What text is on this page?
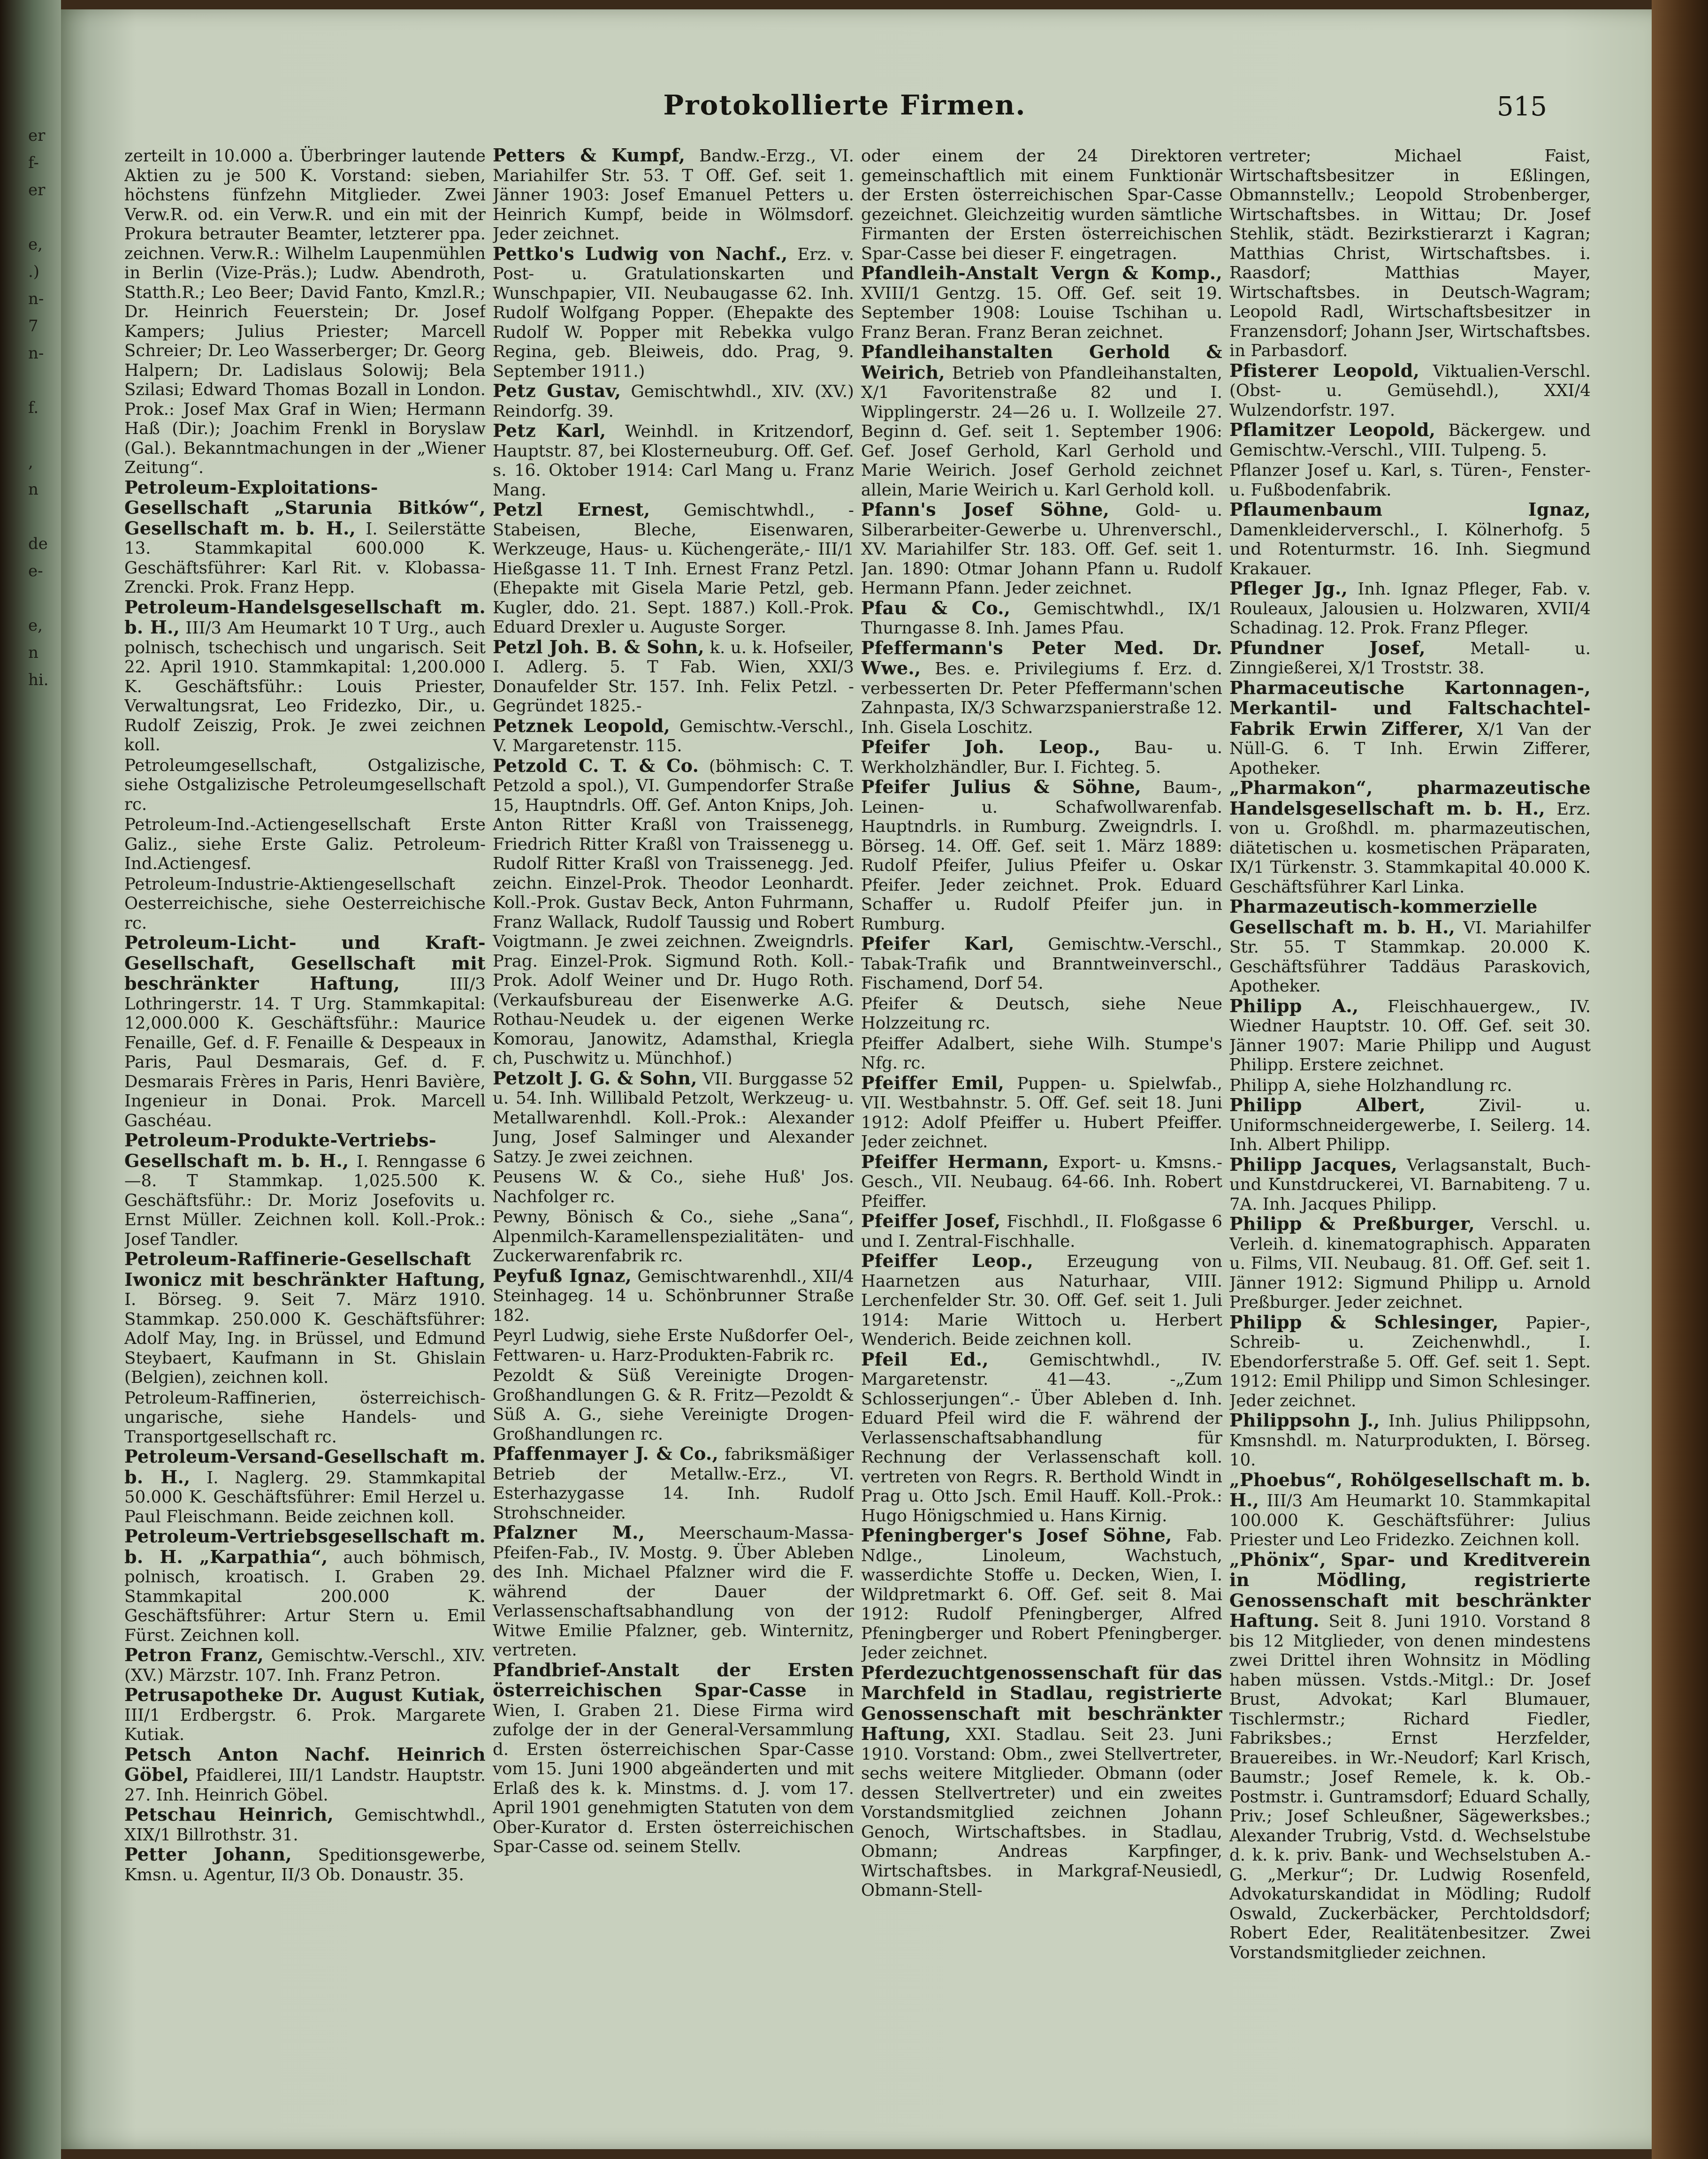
er
f-
er

e,
.)
n-
7
n-

f.

,
n

de
e-

e,
n
hi.
Protokollierte Firmen.	515

zerteilt in 10.000 a. Überbringer lautende Aktien zu je 500 K. Vorstand: sieben, höchstens fünfzehn Mitglieder. Zwei Verw.R. od. ein Verw.R. und ein mit der Prokura betrauter Beamter, letzterer ppa. zeichnen. Verw.R.: Wilhelm Laupenmühlen in Berlin (Vize-Präs.); Ludw. Abendroth, Statth.R.; Leo Beer; David Fanto, Kmzl.R.; Dr. Heinrich Feuerstein; Dr. Josef Kampers; Julius Priester; Marcell Schreier; Dr. Leo Wasserberger; Dr. Georg Halpern; Dr. Ladislaus Solowij; Bela Szilasi; Edward Thomas Bozall in London. Prok.: Josef Max Graf in Wien; Hermann Haß (Dir.); Joachim Frenkl in Boryslaw (Gal.). Bekanntmachungen in der „Wiener Zeitung“.

Petroleum-Exploitations-Gesellschaft „Starunia Bitków“, Gesellschaft m. b. H., I. Seilerstätte 13. Stammkapital 600.000 K. Geschäftsführer: Karl Rit. v. Klobassa-Zrencki. Prok. Franz Hepp.

Petroleum-Handelsgesellschaft m. b. H., III/3 Am Heumarkt 10 T Urg., auch polnisch, tschechisch und ungarisch. Seit 22. April 1910. Stammkapital: 1,200.000 K. Geschäftsführ.: Louis Priester, Verwaltungsrat, Leo Fridezko, Dir., u. Rudolf Zeiszig, Prok. Je zwei zeichnen koll.

Petroleumgesellschaft, Ostgalizische, siehe Ostgalizische Petroleumgesellschaft rc.

Petroleum-Ind.-Actiengesellschaft Erste Galiz., siehe Erste Galiz. Petroleum-Ind.Actiengesf.

Petroleum-Industrie-Aktiengesellschaft Oesterreichische, siehe Oesterreichische rc.

Petroleum-Licht- und Kraft-Gesellschaft, Gesellschaft mit beschränkter Haftung,	III/3 Lothringerstr. 14. T Urg. Stammkapital: 12,000.000 K. Geschäftsführ.: Maurice Fenaille, Gef. d. F. Fenaille & Despeaux in Paris, Paul Desmarais, Gef. d. F. Desmarais Frères in Paris, Henri Bavière, Ingenieur in Donai. Prok. Marcell Gaschéau.

Petroleum-Produkte-Vertriebs-Gesellschaft m. b. H., I. Renngasse 6—8. T Stammkap. 1,025.500 K. Geschäftsführ.: Dr. Moriz Josefovits u. Ernst Müller. Zeichnen koll. Koll.-Prok.: Josef Tandler.

Petroleum-Raffinerie-Gesellschaft Iwonicz mit beschränkter Haftung, I. Börseg. 9. Seit 7. März 1910. Stammkap. 250.000 K. Geschäftsführer: Adolf May, Ing. in Brüssel, und Edmund Steybaert, Kaufmann in St. Ghislain (Belgien), zeichnen koll.

Petroleum-Raffinerien, österreichisch-ungarische, siehe Handels- und Transportgesellschaft rc.

Petroleum-Versand-Gesellschaft m. b. H., I. Naglerg. 29. Stammkapital 50.000 K. Geschäftsführer: Emil Herzel u. Paul Fleischmann. Beide zeichnen koll.

Petroleum-Vertriebsgesellschaft m. b. H. „Karpathia“, auch böhmisch, polnisch, kroatisch. I. Graben 29. Stammkapital 200.000 K. Geschäftsführer: Artur Stern u. Emil Fürst. Zeichnen koll.

Petron Franz, Gemischtw.-Verschl., XIV. (XV.) Märzstr. 107. Inh. Franz Petron.

Petrusapotheke Dr. August Kutiak, III/1 Erdbergstr. 6. Prok. Margarete Kutiak.

Petsch Anton Nachf. Heinrich Göbel, Pfaidlerei, III/1 Landstr. Hauptstr. 27. Inh. Heinrich Göbel.

Petschau Heinrich, Gemischtwhdl., XIX/1 Billrothstr. 31.

Petter Johann, Speditionsgewerbe, Kmsn. u. Agentur, II/3 Ob. Donaustr. 35.

Petters & Kumpf, Bandw.-Erzg., VI. Mariahilfer Str. 53. T Off. Gef. seit 1. Jänner 1903: Josef Emanuel Petters u. Heinrich Kumpf, beide in Wölmsdorf. Jeder zeichnet.

Pettko's Ludwig von Nachf., Erz. v. Post- u. Gratulationskarten und Wunschpapier, VII. Neubaugasse 62. Inh. Rudolf Wolfgang Popper. (Ehepakte des Rudolf W. Popper mit Rebekka vulgo Regina, geb. Bleiweis, ddo. Prag, 9. September 1911.)

Petz Gustav, Gemischtwhdl., XIV. (XV.) Reindorfg. 39.

Petz Karl, Weinhdl. in Kritzendorf, Hauptstr. 87, bei Klosterneuburg. Off. Gef. s. 16. Oktober 1914: Carl Mang u. Franz Mang.

Petzl Ernest, Gemischtwhdl., -Stabeisen, Bleche, Eisenwaren, Werkzeuge, Haus- u. Küchengeräte,- III/1 Hießgasse 11. T Inh. Ernest Franz Petzl. (Ehepakte mit Gisela Marie Petzl, geb. Kugler, ddo. 21. Sept. 1887.) Koll.-Prok. Eduard Drexler u. Auguste Sorger.

Petzl Joh. B. & Sohn, k. u. k. Hofseiler, I. Adlerg. 5. T Fab. Wien, XXI/3 Donaufelder Str. 157. Inh. Felix Petzl. -Gegründet 1825.-

Petznek Leopold, Gemischtw.-Verschl., V. Margaretenstr. 115.

Petzold C. T. & Co. (böhmisch: C. T. Petzold a spol.), VI. Gumpendorfer Straße 15, Hauptndrls. Off. Gef. Anton Knips, Joh. Anton Ritter Kraßl von Traissenegg, Friedrich Ritter Kraßl von Traissenegg u. Rudolf Ritter Kraßl von Traissenegg. Jed. zeichn. Einzel-Prok. Theodor Leonhardt. Koll.-Prok. Gustav Beck, Anton Fuhrmann, Franz Wallack, Rudolf Taussig und Robert Voigtmann. Je zwei zeichnen. Zweigndrls. Prag. Einzel-Prok. Sigmund Roth. Koll.-Prok. Adolf Weiner und Dr. Hugo Roth. (Verkaufsbureau der Eisenwerke A.G. Rothau-Neudek u. der eigenen Werke Komorau, Janowitz, Adamsthal, Kriegla ch, Puschwitz u. Münchhof.)

Petzolt J. G. & Sohn, VII. Burggasse 52 u. 54. Inh. Willibald Petzolt, Werkzeug- u. Metallwarenhdl. Koll.-Prok.: Alexander Jung, Josef Salminger und Alexander Satzy. Je zwei zeichnen.

Peusens W. & Co., siehe Huß' Jos. Nachfolger rc.

Pewny, Bönisch & Co., siehe „Sana“, Alpenmilch-Karamellenspezialitäten- und Zuckerwarenfabrik rc.

Peyfuß Ignaz, Gemischtwarenhdl., XII/4 Steinhageg. 14 u. Schönbrunner Straße 182.

Peyrl Ludwig, siehe Erste Nußdorfer Oel-, Fettwaren- u. Harz-Produkten-Fabrik rc.

Pezoldt & Süß Vereinigte Drogen-Großhandlungen G. & R. Fritz—Pezoldt & Süß A. G., siehe Vereinigte Drogen-Großhandlungen rc.

Pfaffenmayer J. & Co., fabriksmäßiger Betrieb der Metallw.-Erz., VI. Esterhazygasse 14. Inh. Rudolf Strohschneider.

Pfalzner M., Meerschaum-Massa-Pfeifen-Fab., IV. Mostg. 9. Über Ableben des Inh. Michael Pfalzner wird die F. während der Dauer der Verlassenschaftsabhandlung von der Witwe Emilie Pfalzner, geb. Winternitz, vertreten.

Pfandbrief-Anstalt der Ersten österreichischen Spar-Casse in Wien, I. Graben 21. Diese Firma wird zufolge der in der General-Versammlung d. Ersten österreichischen Spar-Casse vom 15. Juni 1900 abgeänderten und mit Erlaß des k. k. Minstms. d. J. vom 17. April 1901 genehmigten Statuten von dem Ober-Kurator d. Ersten österreichischen Spar-Casse od. seinem Stellv.

oder einem der 24 Direktoren gemeinschaftlich mit einem Funktionär der Ersten österreichischen Spar-Casse gezeichnet. Gleichzeitig wurden sämtliche Firmanten der Ersten österreichischen Spar-Casse bei dieser F. eingetragen.

Pfandleih-Anstalt Vergn & Komp., XVIII/1 Gentzg. 15. Off. Gef. seit 19. September 1908: Louise Tschihan u. Franz Beran. Franz Beran zeichnet.

Pfandleihanstalten Gerhold & Weirich, Betrieb von Pfandleihanstalten, X/1 Favoritenstraße 82 und I. Wipplingerstr. 24—26 u. I. Wollzeile 27. Beginn d. Gef. seit 1. September 1906: Gef. Josef Gerhold, Karl Gerhold und Marie Weirich. Josef Gerhold zeichnet allein, Marie Weirich u. Karl Gerhold koll.

Pfann's Josef Söhne, Gold- u. Silberarbeiter-Gewerbe u. Uhrenverschl., XV. Mariahilfer Str. 183. Off. Gef. seit 1. Jan. 1890: Otmar Johann Pfann u. Rudolf Hermann Pfann. Jeder zeichnet.

Pfau & Co., Gemischtwhdl., IX/1 Thurngasse 8. Inh. James Pfau.

Pfeffermann's Peter Med. Dr. Wwe., Bes. e. Privilegiums f. Erz. d. verbesserten Dr. Peter Pfeffermann'schen Zahnpasta, IX/3 Schwarzspanierstraße 12. Inh. Gisela Loschitz.

Pfeifer Joh. Leop., Bau- u. Werkholzhändler, Bur. I. Fichteg. 5.

Pfeifer Julius & Söhne, Baum-, Leinen- u. Schafwollwarenfab. Hauptndrls. in Rumburg. Zweigndrls. I. Börseg. 14. Off. Gef. seit 1. März 1889: Rudolf Pfeifer, Julius Pfeifer u. Oskar Pfeifer. Jeder zeichnet. Prok. Eduard Schaffer u. Rudolf Pfeifer jun. in Rumburg.

Pfeifer Karl, Gemischtw.-Verschl., Tabak-Trafik und Branntweinverschl., Fischamend, Dorf 54.

Pfeifer & Deutsch, siehe Neue Holzzeitung rc.

Pfeiffer Adalbert, siehe Wilh. Stumpe's Nfg. rc.

Pfeiffer Emil, Puppen- u. Spielwfab., VII. Westbahnstr. 5. Off. Gef. seit 18. Juni 1912: Adolf Pfeiffer u. Hubert Pfeiffer. Jeder zeichnet.

Pfeiffer Hermann, Export- u. Kmsns.-Gesch., VII. Neubaug. 64-66. Inh. Robert Pfeiffer.

Pfeiffer Josef, Fischhdl., II. Floßgasse 6 und I. Zentral-Fischhalle.

Pfeiffer Leop., Erzeugung von Haarnetzen aus Naturhaar, VIII. Lerchenfelder Str. 30. Off. Gef. seit 1. Juli 1914: Marie Wittoch u. Herbert Wenderich. Beide zeichnen koll.

Pfeil Ed., Gemischtwhdl., IV. Margaretenstr. 41—43. -„Zum Schlosserjungen“.- Über Ableben d. Inh. Eduard Pfeil wird die F. während der Verlassenschaftsabhandlung für Rechnung der Verlassenschaft koll. vertreten von Regrs. R. Berthold Windt in Prag u. Otto Jsch. Emil Hauff. Koll.-Prok.: Hugo Hönigschmied u. Hans Kirnig.

Pfeningberger's Josef Söhne, Fab. Ndlge., Linoleum, Wachstuch, wasserdichte Stoffe u. Decken, Wien, I. Wildpretmarkt 6. Off. Gef. seit 8. Mai 1912: Rudolf Pfeningberger, Alfred Pfeningberger und Robert Pfeningberger. Jeder zeichnet.

Pferdezuchtgenossenschaft für das Marchfeld in Stadlau, registrierte Genossenschaft mit beschränkter Haftung, XXI. Stadlau. Seit 23. Juni 1910. Vorstand: Obm., zwei Stellvertreter, sechs weitere Mitglieder. Obmann (oder dessen Stellvertreter) und ein zweites Vorstandsmitglied zeichnen Johann Genoch, Wirtschaftsbes. in Stadlau, Obmann; Andreas Karpfinger, Wirtschaftsbes. in Markgraf-Neusiedl, Obmann-Stell-

vertreter; Michael Faist, Wirtschaftsbesitzer in Eßlingen, Obmannstellv.; Leopold Strobenberger, Wirtschaftsbes. in Wittau; Dr. Josef Stehlik, städt. Bezirkstierarzt i Kagran; Matthias Christ, Wirtschaftsbes. i. Raasdorf; Matthias Mayer, Wirtschaftsbes. in Deutsch-Wagram; Leopold Radl, Wirtschaftsbesitzer in Franzensdorf; Johann Jser, Wirtschaftsbes. in Parbasdorf.

Pfisterer Leopold, Viktualien-Verschl. (Obst- u. Gemüsehdl.), XXI/4 Wulzendorfstr. 197.

Pflamitzer Leopold, Bäckergew. und Gemischtw.-Verschl., VIII. Tulpeng. 5.

Pflanzer Josef u. Karl, s. Türen-, Fenster- u. Fußbodenfabrik.

Pflaumenbaum Ignaz, Damenkleiderverschl., I. Kölnerhofg. 5 und Rotenturmstr. 16. Inh. Siegmund Krakauer.

Pfleger Jg., Inh. Ignaz Pfleger, Fab. v. Rouleaux, Jalousien u. Holzwaren, XVII/4 Schadinag. 12. Prok. Franz Pfleger.

Pfundner Josef,	Metall- u. Zinngießerei, X/1 Troststr. 38.

Pharmaceutische Kartonnagen-, Merkantil- und Faltschachtel-Fabrik Erwin Zifferer, X/1 Van der Nüll-G. 6. T Inh. Erwin Zifferer, Apotheker.

„Pharmakon“, pharmazeutische Handelsgesellschaft m. b. H., Erz. von u. Großhdl. m. pharmazeutischen, diätetischen u. kosmetischen Präparaten, IX/1 Türkenstr. 3. Stammkapital 40.000 K. Geschäftsführer Karl Linka.

Pharmazeutisch-kommerzielle Gesellschaft m. b. H., VI. Mariahilfer Str. 55. T Stammkap. 20.000 K. Geschäftsführer Taddäus Paraskovich, Apotheker.

Philipp A., Fleischhauergew., IV. Wiedner Hauptstr. 10. Off. Gef. seit 30. Jänner 1907: Marie Philipp und August Philipp. Erstere zeichnet.

Philipp A, siehe Holzhandlung rc.

Philipp Albert,	Zivil- u. Uniformschneidergewerbe, I. Seilerg. 14. Inh. Albert Philipp.

Philipp Jacques, Verlagsanstalt, Buch- und Kunstdruckerei, VI. Barnabiteng. 7 u. 7A. Inh. Jacques Philipp.

Philipp & Preßburger, Verschl. u. Verleih. d. kinematographisch. Apparaten u. Films, VII. Neubaug. 81. Off. Gef. seit 1. Jänner 1912: Sigmund Philipp u. Arnold Preßburger. Jeder zeichnet.

Philipp & Schlesinger, Papier-, Schreib- u. Zeichenwhdl., I. Ebendorferstraße 5. Off. Gef. seit 1. Sept. 1912: Emil Philipp und Simon Schlesinger. Jeder zeichnet.

Philippsohn J., Inh. Julius Philippsohn, Kmsnshdl. m. Naturprodukten, I. Börseg. 10.

„Phoebus“, Rohölgesellschaft m. b. H., III/3 Am Heumarkt 10. Stammkapital 100.000 K. Geschäftsführer: Julius Priester und Leo Fridezko. Zeichnen koll.

„Phönix“, Spar- und Kreditverein in Mödling, registrierte Genossenschaft mit beschränkter Haftung. Seit 8. Juni 1910. Vorstand 8 bis 12 Mitglieder, von denen mindestens zwei Drittel ihren Wohnsitz in Mödling haben müssen. Vstds.-Mitgl.: Dr. Josef Brust, Advokat; Karl Blumauer, Tischlermstr.; Richard Fiedler, Fabriksbes.; Ernst Herzfelder, Brauereibes. in Wr.-Neudorf; Karl Krisch, Baumstr.; Josef Remele, k. k. Ob.-Postmstr. i. Guntramsdorf; Eduard Schally, Priv.; Josef Schleußner, Sägewerksbes.; Alexander Trubrig, Vstd. d. Wechselstube d. k. k. priv. Bank- und Wechselstuben A.-G. „Merkur“; Dr. Ludwig Rosenfeld, Advokaturskandidat in Mödling; Rudolf Oswald, Zuckerbäcker, Perchtoldsdorf; Robert Eder, Realitätenbesitzer. Zwei Vorstandsmitglieder zeichnen.
